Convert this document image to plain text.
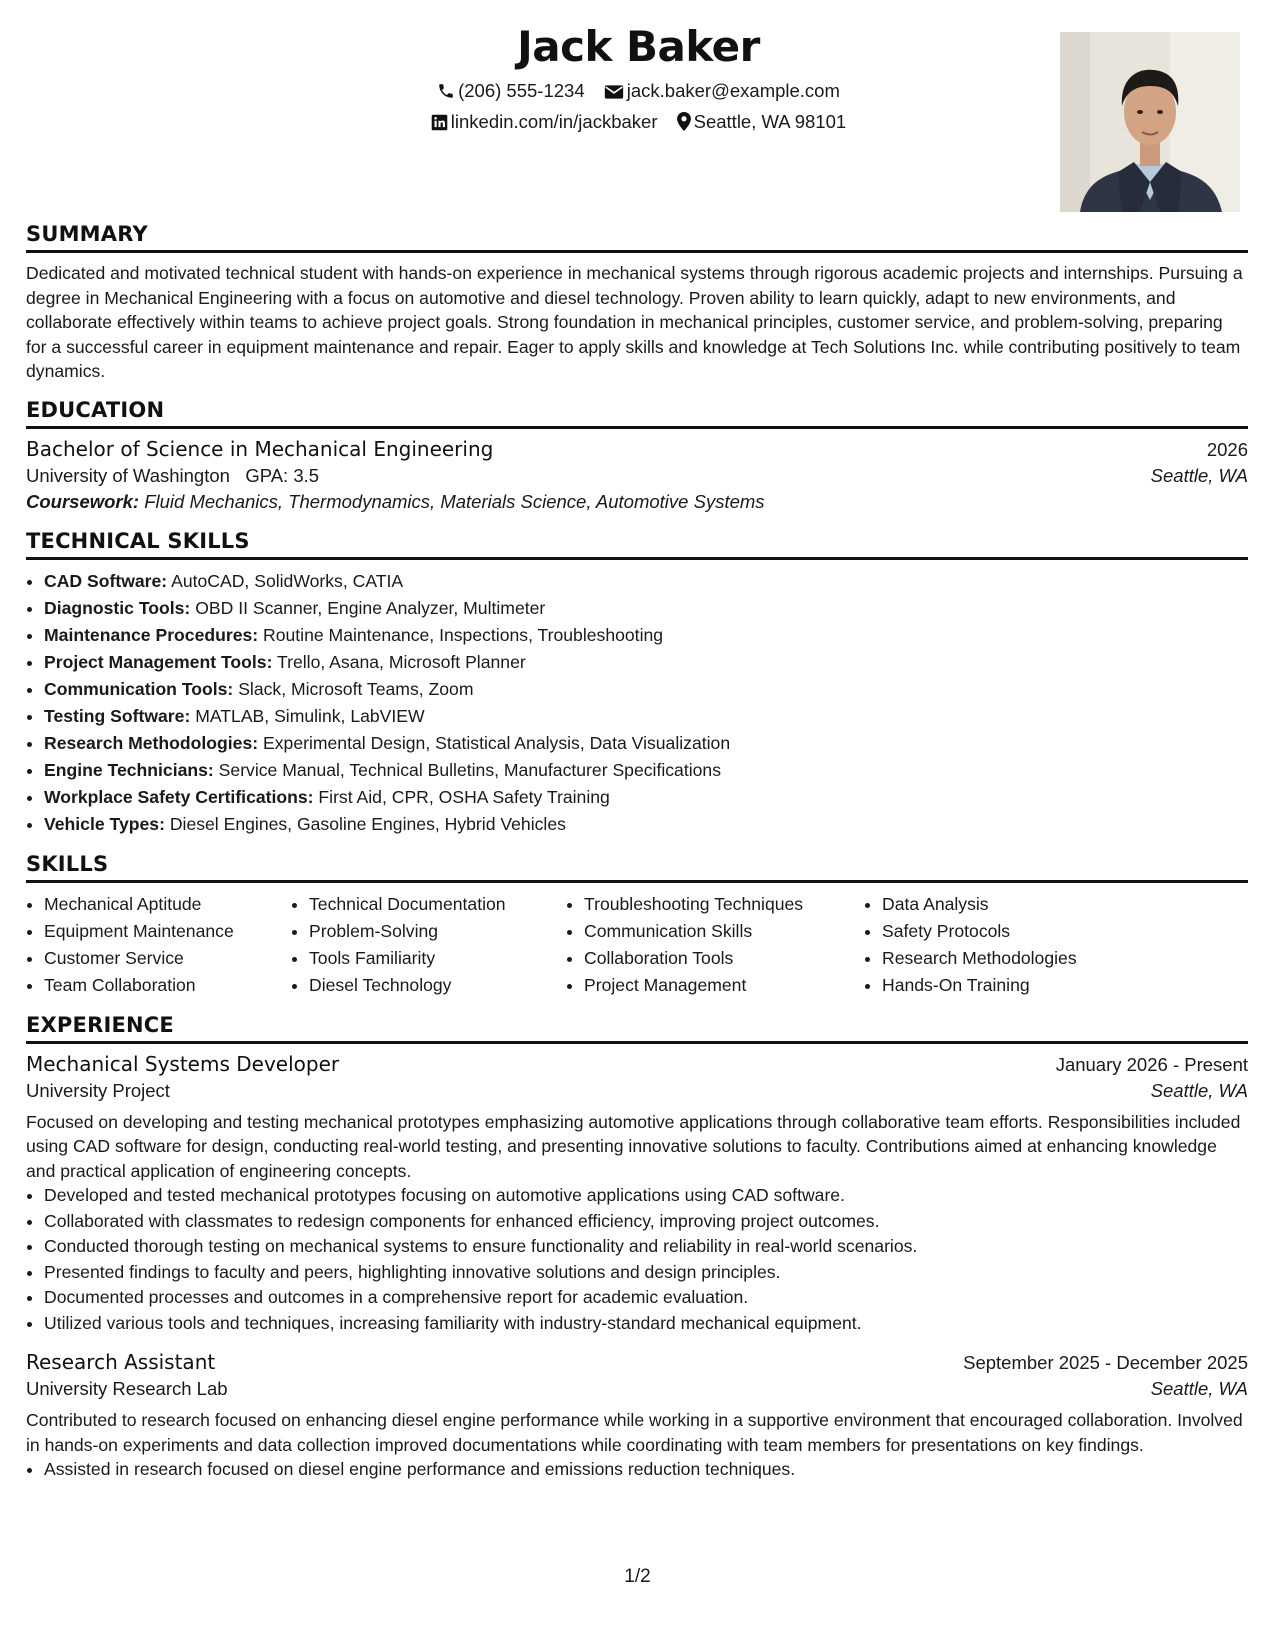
Jack Baker
(206) 555-1234 jack.baker@example.com
linkedin.com/in/jackbaker Seattle, WA 98101
SUMMARY

Dedicated and motivated technical student with hands-on experience in mechanical systems through rigorous academic projects and internships. Pursuing a degree in Mechanical Engineering with a focus on automotive and diesel technology. Proven ability to learn quickly, adapt to new environments, and collaborate effectively within teams to achieve project goals. Strong foundation in mechanical principles, customer service, and problem-solving, preparing for a successful career in equipment maintenance and repair. Eager to apply skills and knowledge at Tech Solutions Inc. while contributing positively to team dynamics.

EDUCATION
Bachelor of Science in Mechanical Engineering	2026
University of Washington GPA: 3.5	Seattle, WA
Coursework: Fluid Mechanics, Thermodynamics, Materials Science, Automotive Systems
TECHNICAL SKILLS
• CAD Software: AutoCAD, SolidWorks, CATIA
• Diagnostic Tools: OBD II Scanner, Engine Analyzer, Multimeter
• Maintenance Procedures: Routine Maintenance, Inspections, Troubleshooting
• Project Management Tools: Trello, Asana, Microsoft Planner
• Communication Tools: Slack, Microsoft Teams, Zoom
• Testing Software: MATLAB, Simulink, LabVIEW
• Research Methodologies: Experimental Design, Statistical Analysis, Data Visualization
• Engine Technicians: Service Manual, Technical Bulletins, Manufacturer Specifications
• Workplace Safety Certifications: First Aid, CPR, OSHA Safety Training
• Vehicle Types: Diesel Engines, Gasoline Engines, Hybrid Vehicles
SKILLS
• Mechanical Aptitude
• Equipment Maintenance
• Customer Service
• Team Collaboration
• Technical Documentation
• Problem-Solving
• Tools Familiarity
• Diesel Technology
• Troubleshooting Techniques
• Communication Skills
• Collaboration Tools
• Project Management
• Data Analysis
• Safety Protocols
• Research Methodologies
• Hands-On Training
EXPERIENCE
Mechanical Systems Developer	January 2026 - Present
University Project	Seattle, WA

Focused on developing and testing mechanical prototypes emphasizing automotive applications through collaborative team efforts. Responsibilities included using CAD software for design, conducting real-world testing, and presenting innovative solutions to faculty. Contributions aimed at enhancing knowledge and practical application of engineering concepts.

• Developed and tested mechanical prototypes focusing on automotive applications using CAD software.
• Collaborated with classmates to redesign components for enhanced efficiency, improving project outcomes.
• Conducted thorough testing on mechanical systems to ensure functionality and reliability in real-world scenarios.
• Presented findings to faculty and peers, highlighting innovative solutions and design principles.
• Documented processes and outcomes in a comprehensive report for academic evaluation.
• Utilized various tools and techniques, increasing familiarity with industry-standard mechanical equipment.
Research Assistant	September 2025 - December 2025
University Research Lab	Seattle, WA

Contributed to research focused on enhancing diesel engine performance while working in a supportive environment that encouraged collaboration. Involved in hands-on experiments and data collection improved documentations while coordinating with team members for presentations on key findings.

• Assisted in research focused on diesel engine performance and emissions reduction techniques.
1/2
